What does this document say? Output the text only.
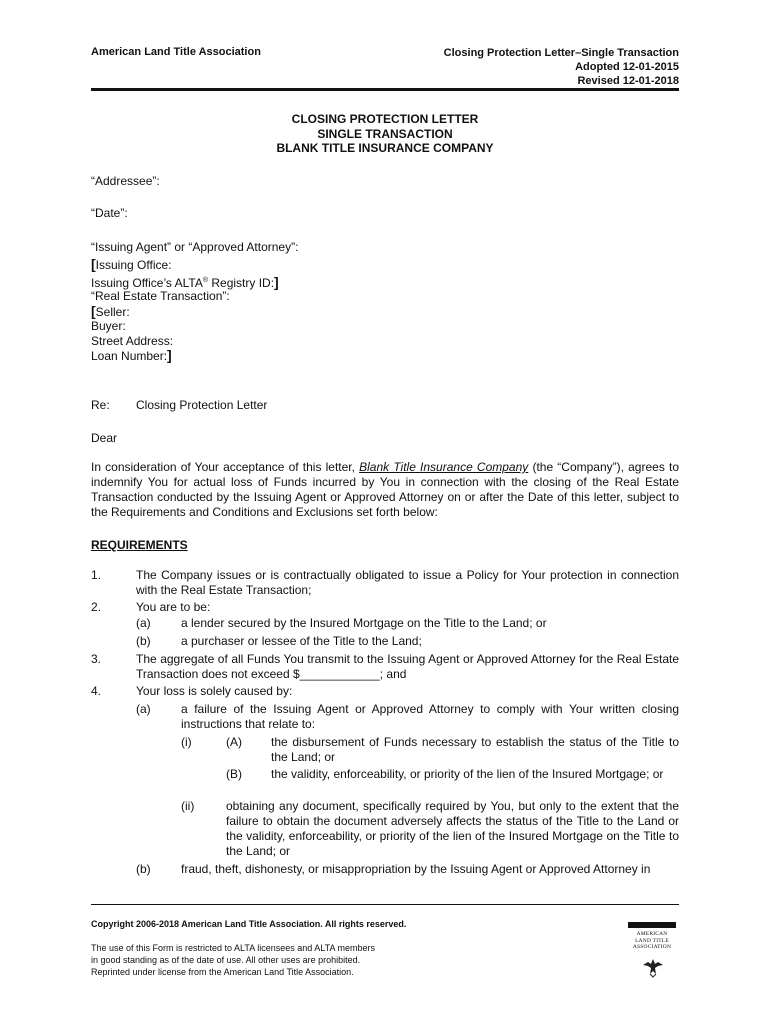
American Land Title Association	Closing Protection Letter–Single Transaction
Adopted 12-01-2015
Revised 12-01-2018
CLOSING PROTECTION LETTER
SINGLE TRANSACTION
BLANK TITLE INSURANCE COMPANY
“Addressee”:
“Date”:
“Issuing Agent” or “Approved Attorney”:
[Issuing Office:
Issuing Office’s ALTA® Registry ID:]
“Real Estate Transaction”:
[Seller:
Buyer:
Street Address:
Loan Number:]
Re: Closing Protection Letter
Dear
In consideration of Your acceptance of this letter, Blank Title Insurance Company (the “Company”), agrees to indemnify You for actual loss of Funds incurred by You in connection with the closing of the Real Estate Transaction conducted by the Issuing Agent or Approved Attorney on or after the Date of this letter, subject to the Requirements and Conditions and Exclusions set forth below:
REQUIREMENTS
1.	The Company issues or is contractually obligated to issue a Policy for Your protection in connection with the Real Estate Transaction;
2.	You are to be:
(a)	a lender secured by the Insured Mortgage on the Title to the Land; or
(b)	a purchaser or lessee of the Title to the Land;
3.	The aggregate of all Funds You transmit to the Issuing Agent or Approved Attorney for the Real Estate Transaction does not exceed $____________; and
4.	Your loss is solely caused by:
(a)	a failure of the Issuing Agent or Approved Attorney to comply with Your written closing instructions that relate to:
(i)	(A) the disbursement of Funds necessary to establish the status of the Title to the Land; or
(B)	the validity, enforceability, or priority of the lien of the Insured Mortgage; or
(ii)	obtaining any document, specifically required by You, but only to the extent that the failure to obtain the document adversely affects the status of the Title to the Land or the validity, enforceability, or priority of the lien of the Insured Mortgage on the Title to the Land; or
(b)	fraud, theft, dishonesty, or misappropriation by the Issuing Agent or Approved Attorney in
Copyright 2006-2018 American Land Title Association. All rights reserved.
The use of this Form is restricted to ALTA licensees and ALTA members
in good standing as of the date of use. All other uses are prohibited.
Reprinted under license from the American Land Title Association.
AMERICAN
LAND TITLE
ASSOCIATION
